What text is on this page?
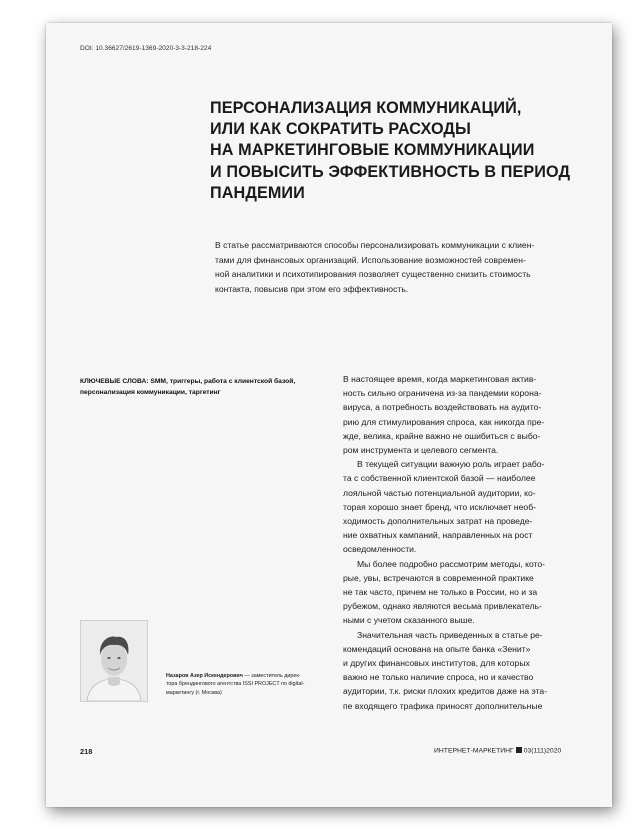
DOI: 10.36627/2619-1369-2020-3-3-218-224
ПЕРСОНАЛИЗАЦИЯ КОММУНИКАЦИЙ,
ИЛИ КАК СОКРАТИТЬ РАСХОДЫ
НА МАРКЕТИНГОВЫЕ КОММУНИКАЦИИ
И ПОВЫСИТЬ ЭФФЕКТИВНОСТЬ В ПЕРИОД
ПАНДЕМИИ
В статье рассматриваются способы персонализировать коммуникации с клиен-
тами для финансовых организаций. Использование возможностей современ-
ной аналитики и психотипирования позволяет существенно снизить стоимость
контакта, повысив при этом его эффективность.
КЛЮЧЕВЫЕ СЛОВА: SMM, триггеры, работа с клиентской базой,
персонализация коммуникации, таргетинг
В настоящее время, когда маркетинговая актив-
ность сильно ограничена из-за пандемии корона-
вируса, а потребность воздействовать на аудито-
рию для стимулирования спроса, как никогда пре-
жде, велика, крайне важно не ошибиться с выбо-
ром инструмента и целевого сегмента.
В текущей ситуации важную роль играет рабо-
та с собственной клиентской базой — наиболее
лояльной частью потенциальной аудитории, ко-
торая хорошо знает бренд, что исключает необ-
ходимость дополнительных затрат на проведе-
ние охватных кампаний, направленных на рост
осведомленности.
Мы более подробно рассмотрим методы, кото-
рые, увы, встречаются в современной практике
не так часто, причем не только в России, но и за
рубежом, однако являются весьма привлекатель-
ными с учетом сказанного выше.
Значительная часть приведенных в статье ре-
комендаций основана на опыте банка «Зенит»
и других финансовых институтов, для которых
важно не только наличие спроса, но и качество
аудитории, т.к. риски плохих кредитов даже на эта-
пе входящего трафика приносят дополнительные
Назаров Азер Искендерович — заместитель дирек-
тора брендингового агентства ISSI PROJECT по digital-
маркетингу (г. Москва)
218	ИНТЕРНЕТ-МАРКЕТИНГ 03(111)2020
